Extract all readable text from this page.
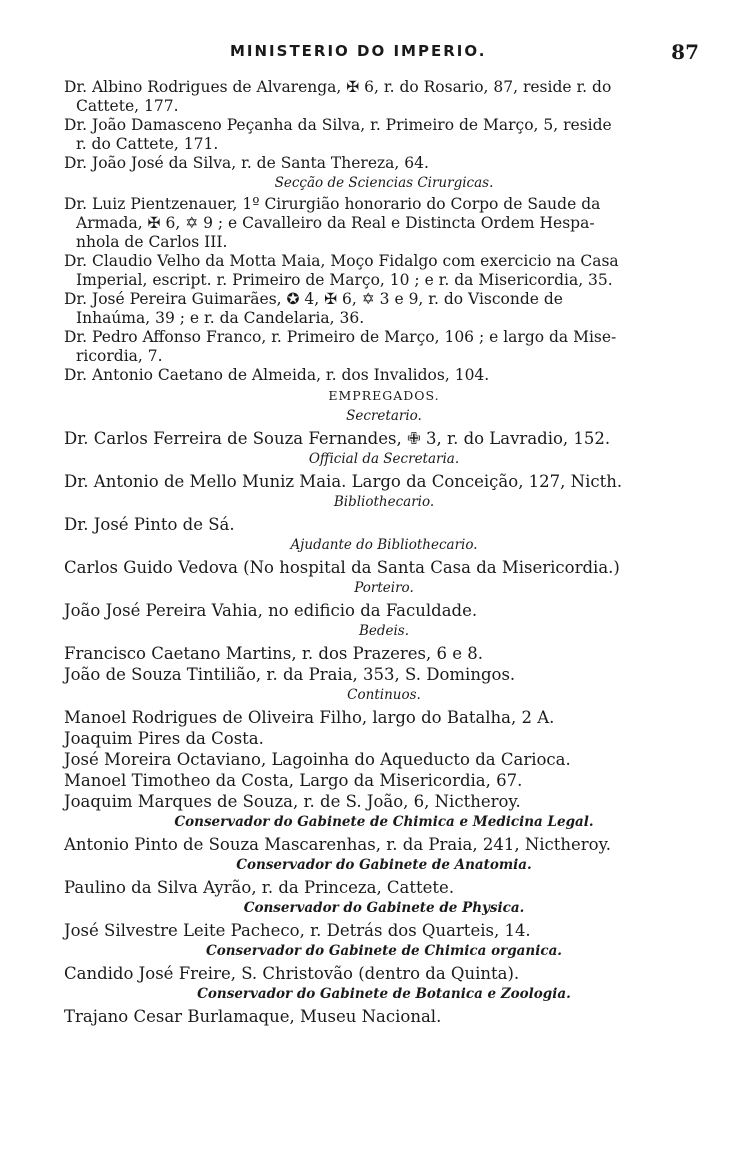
MINISTERIO DO IMPERIO.	87
Dr. Albino Rodrigues de Alvarenga, ✠ 6, r. do Rosario, 87, reside r. do
Cattete, 177.
Dr. João Damasceno Peçanha da Silva, r. Primeiro de Março, 5, reside
r. do Cattete, 171.
Dr. João José da Silva, r. de Santa Thereza, 64.
Secção de Sciencias Cirurgicas.
Dr. Luiz Pientzenauer, 1º Cirurgião honorario do Corpo de Saude da
Armada, ✠ 6, ✡ 9 ; e Cavalleiro da Real e Distincta Ordem Hespa-
nhola de Carlos III.
Dr. Claudio Velho da Motta Maia, Moço Fidalgo com exercicio na Casa
Imperial, escript. r. Primeiro de Março, 10 ; e r. da Misericordia, 35.
Dr. José Pereira Guimarães, ✪ 4, ✠ 6, ✡ 3 e 9, r. do Visconde de
Inhaúma, 39 ; e r. da Candelaria, 36.
Dr. Pedro Affonso Franco, r. Primeiro de Março, 106 ; e largo da Mise-
ricordia, 7.
Dr. Antonio Caetano de Almeida, r. dos Invalidos, 104.
EMPREGADOS.
Secretario.
Dr. Carlos Ferreira de Souza Fernandes, ✙ 3, r. do Lavradio, 152.
Official da Secretaria.
Dr. Antonio de Mello Muniz Maia. Largo da Conceição, 127, Nicth.
Bibliothecario.
Dr. José Pinto de Sá.
Ajudante do Bibliothecario.
Carlos Guido Vedova (No hospital da Santa Casa da Misericordia.)
Porteiro.
João José Pereira Vahia, no edificio da Faculdade.
Bedeis.
Francisco Caetano Martins, r. dos Prazeres, 6 e 8.
João de Souza Tintilião, r. da Praia, 353, S. Domingos.
Continuos.
Manoel Rodrigues de Oliveira Filho, largo do Batalha, 2 A.
Joaquim Pires da Costa.
José Moreira Octaviano, Lagoinha do Aqueducto da Carioca.
Manoel Timotheo da Costa, Largo da Misericordia, 67.
Joaquim Marques de Souza, r. de S. João, 6, Nictheroy.
Conservador do Gabinete de Chimica e Medicina Legal.
Antonio Pinto de Souza Mascarenhas, r. da Praia, 241, Nictheroy.
Conservador do Gabinete de Anatomia.
Paulino da Silva Ayrão, r. da Princeza, Cattete.
Conservador do Gabinete de Physica.
José Silvestre Leite Pacheco, r. Detrás dos Quarteis, 14.
Conservador do Gabinete de Chimica organica.
Candido José Freire, S. Christovão (dentro da Quinta).
Conservador do Gabinete de Botanica e Zoologia.
Trajano Cesar Burlamaque, Museu Nacional.
